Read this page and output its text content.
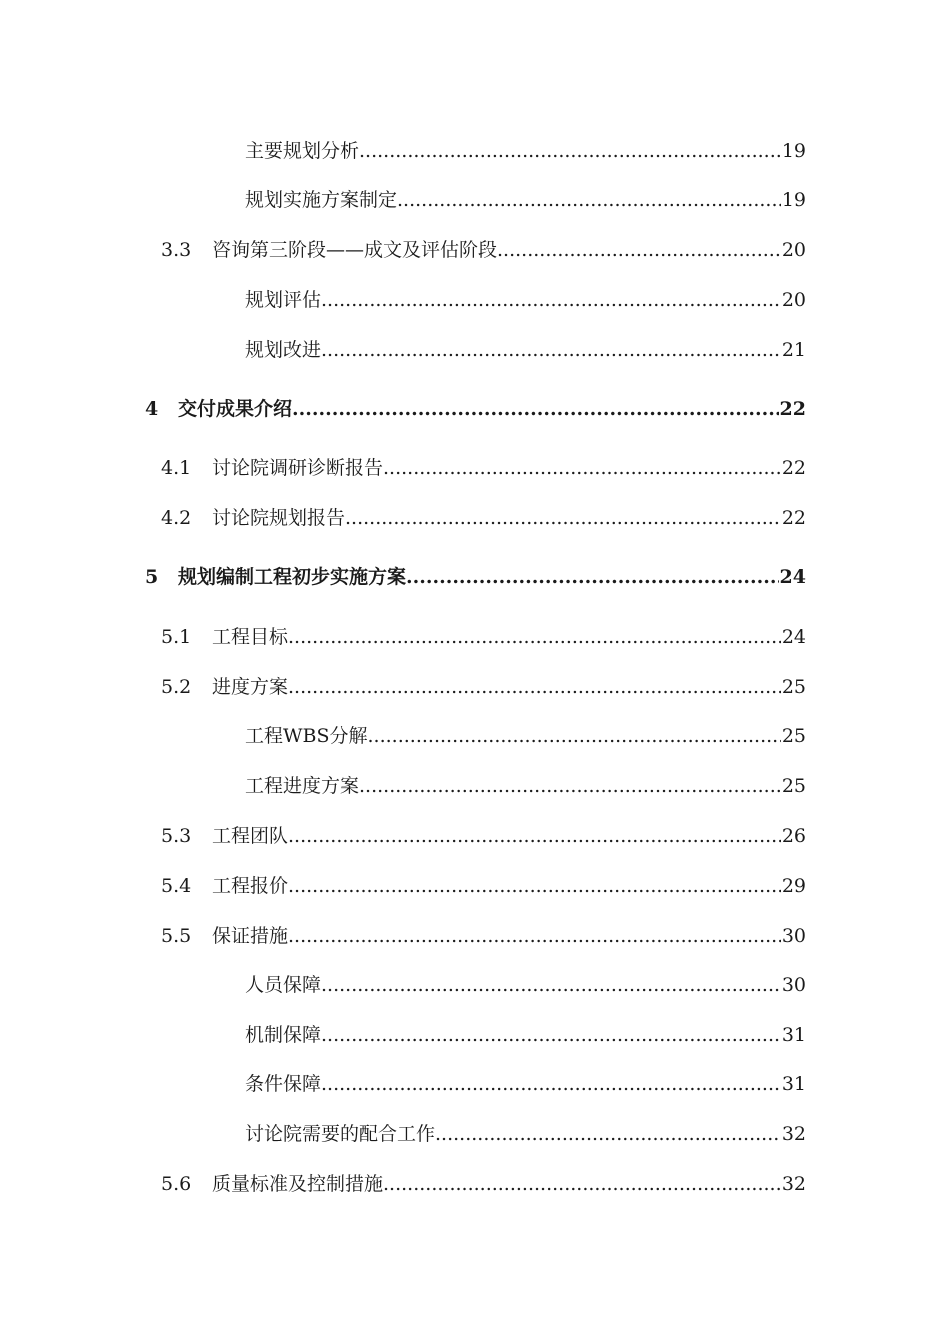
主要规划分析 .....	19
规划实施方案制定 .....	19
3.3 咨询第三阶段——成文及评估阶段 .....	20
规划评估 .....	20
规划改进 .....	21
4 交付成果介绍 .....	22
4.1 讨论院调研诊断报告 .....	22
4.2 讨论院规划报告 .....	22
5 规划编制工程初步实施方案 .....	24
5.1 工程目标 .....	24
5.2 进度方案 .....	25
工程WBS分解 .....	25
工程进度方案 .....	25
5.3 工程团队 .....	26
5.4 工程报价 .....	29
5.5 保证措施 .....	30
人员保障 .....	30
机制保障 .....	31
条件保障 .....	31
讨论院需要的配合工作 .....	32
5.6 质量标准及控制措施 .....	32
